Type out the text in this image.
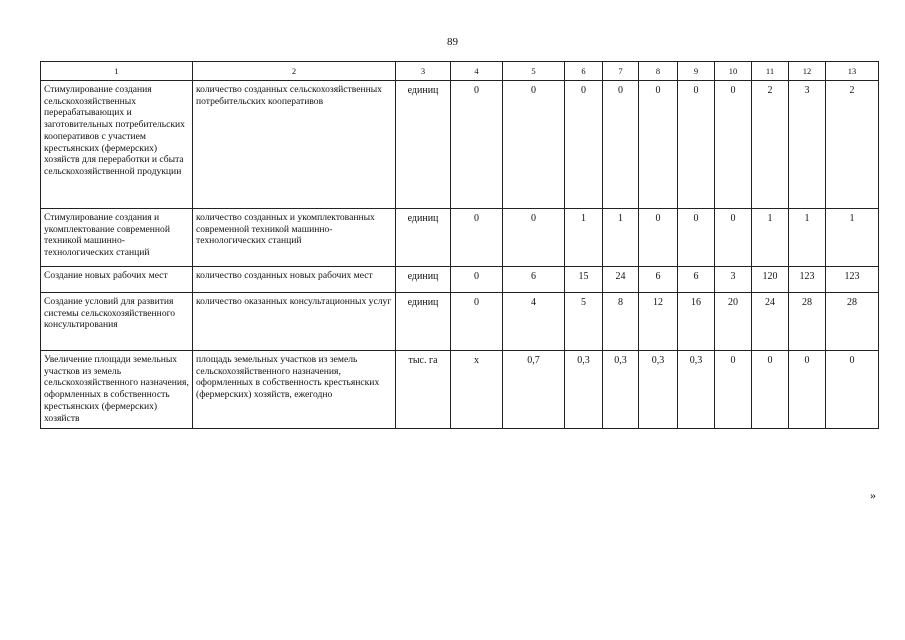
89
1	2	3	4	5	6	7	8	9	10	11	12	13
Стимулирование создания сельскохозяйственных перерабатывающих и заготовительных потребительских кооперативов с участием крестьянских (фермерских) хозяйств для переработки и сбыта сельскохозяйственной продукции	количество созданных сельскохозяйственных потребительских кооперативов	единиц	0	0	0	0	0	0	0	2	3	2
Стимулирование создания и укомплектование современной техникой машинно-технологических станций	количество созданных и укомплектованных современной техникой машинно-технологических станций	единиц	0	0	1	1	0	0	0	1	1	1
Создание новых рабочих мест	количество созданных новых рабочих мест	единиц	0	6	15	24	6	6	3	120	123	123
Создание условий для развития системы сельскохозяйственного консультирования	количество оказанных консультационных услуг	единиц	0	4	5	8	12	16	20	24	28	28
Увеличение площади земельных участков из земель сельскохозяйственного назначения, оформленных в собственность крестьянских (фермерских) хозяйств	площадь земельных участков из земель сельскохозяйственного назначения, оформленных в собственность крестьянских (фермерских) хозяйств, ежегодно	тыс. га	х	0,7	0,3	0,3	0,3	0,3	0	0	0	0
»
